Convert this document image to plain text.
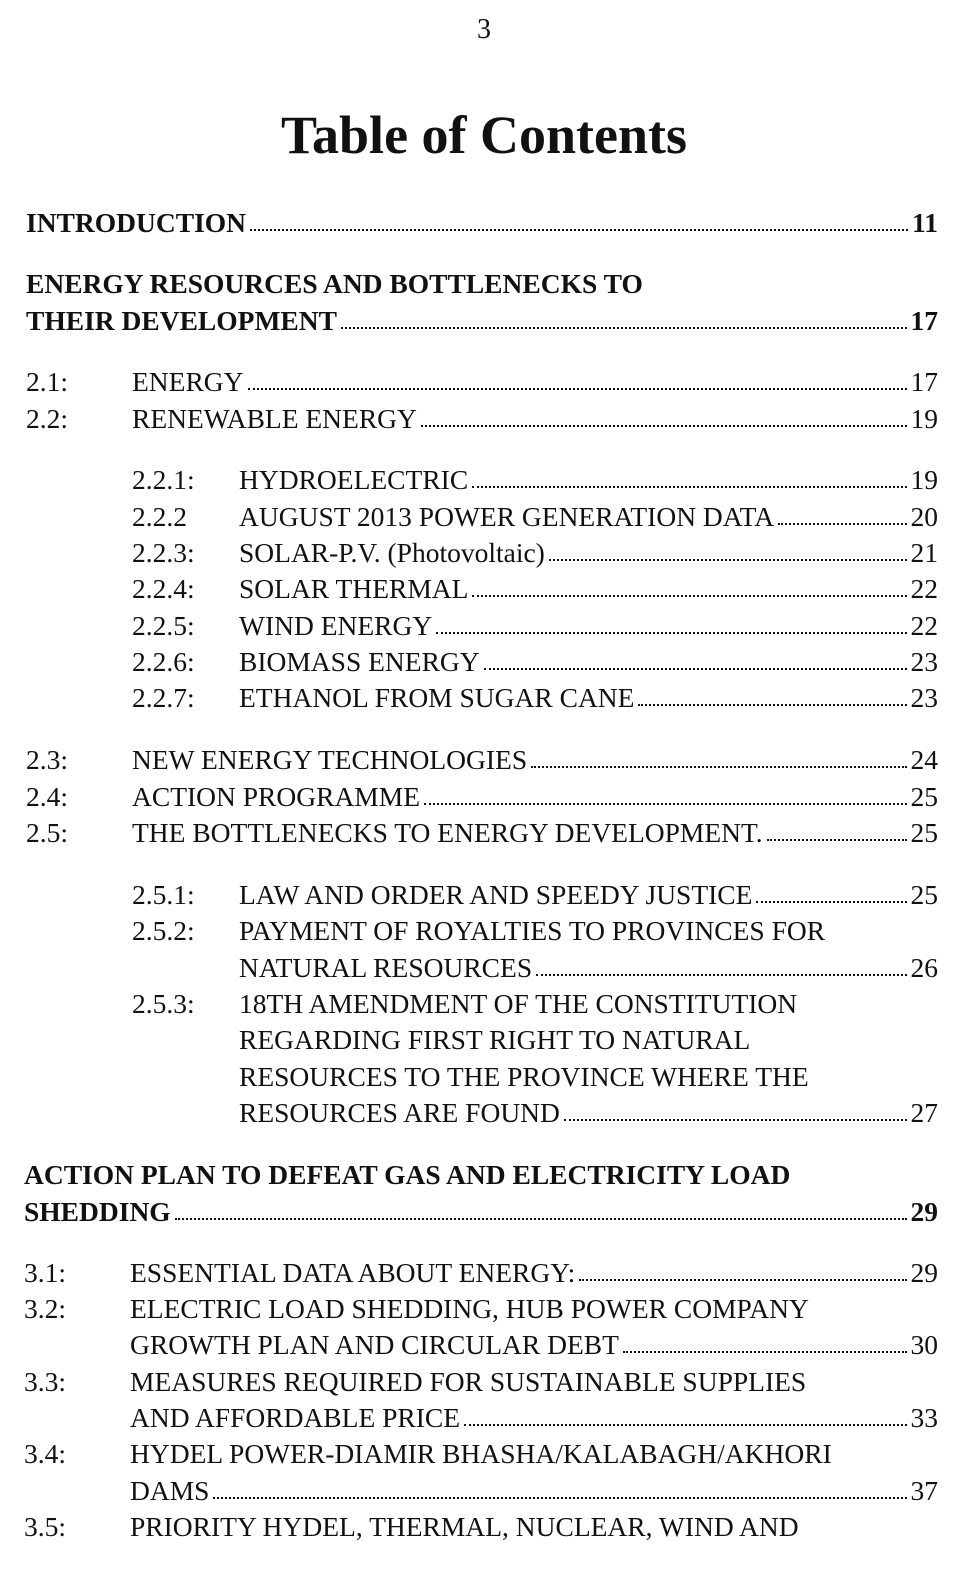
3
Table of Contents
INTRODUCTION	11
ENERGY RESOURCES AND BOTTLENECKS TO
THEIR DEVELOPMENT	17
2.1:	ENERGY	17
2.2:	RENEWABLE ENERGY	19
2.2.1:	HYDROELECTRIC	19
2.2.2	AUGUST 2013 POWER GENERATION DATA	20
2.2.3:	SOLAR-P.V. (Photovoltaic)	21
2.2.4:	SOLAR THERMAL	22
2.2.5:	WIND ENERGY	22
2.2.6:	BIOMASS ENERGY	23
2.2.7:	ETHANOL FROM SUGAR CANE	23
2.3:	NEW ENERGY TECHNOLOGIES	24
2.4:	ACTION PROGRAMME	25
2.5:	THE BOTTLENECKS TO ENERGY DEVELOPMENT.	25
2.5.1:	LAW AND ORDER AND SPEEDY JUSTICE	25
2.5.2:	PAYMENT OF ROYALTIES TO PROVINCES FOR
NATURAL RESOURCES	26
2.5.3:	18TH AMENDMENT OF THE CONSTITUTION
REGARDING FIRST RIGHT TO NATURAL
RESOURCES TO THE PROVINCE WHERE THE
RESOURCES ARE FOUND	27
ACTION PLAN TO DEFEAT GAS AND ELECTRICITY LOAD
SHEDDING	29
3.1:	ESSENTIAL DATA ABOUT ENERGY:	29
3.2:	ELECTRIC LOAD SHEDDING, HUB POWER COMPANY
GROWTH PLAN AND CIRCULAR DEBT	30
3.3:	MEASURES REQUIRED FOR SUSTAINABLE SUPPLIES
AND AFFORDABLE PRICE	33
3.4:	HYDEL POWER-DIAMIR BHASHA/KALABAGH/AKHORI
DAMS	37
3.5:	PRIORITY HYDEL, THERMAL, NUCLEAR, WIND AND
